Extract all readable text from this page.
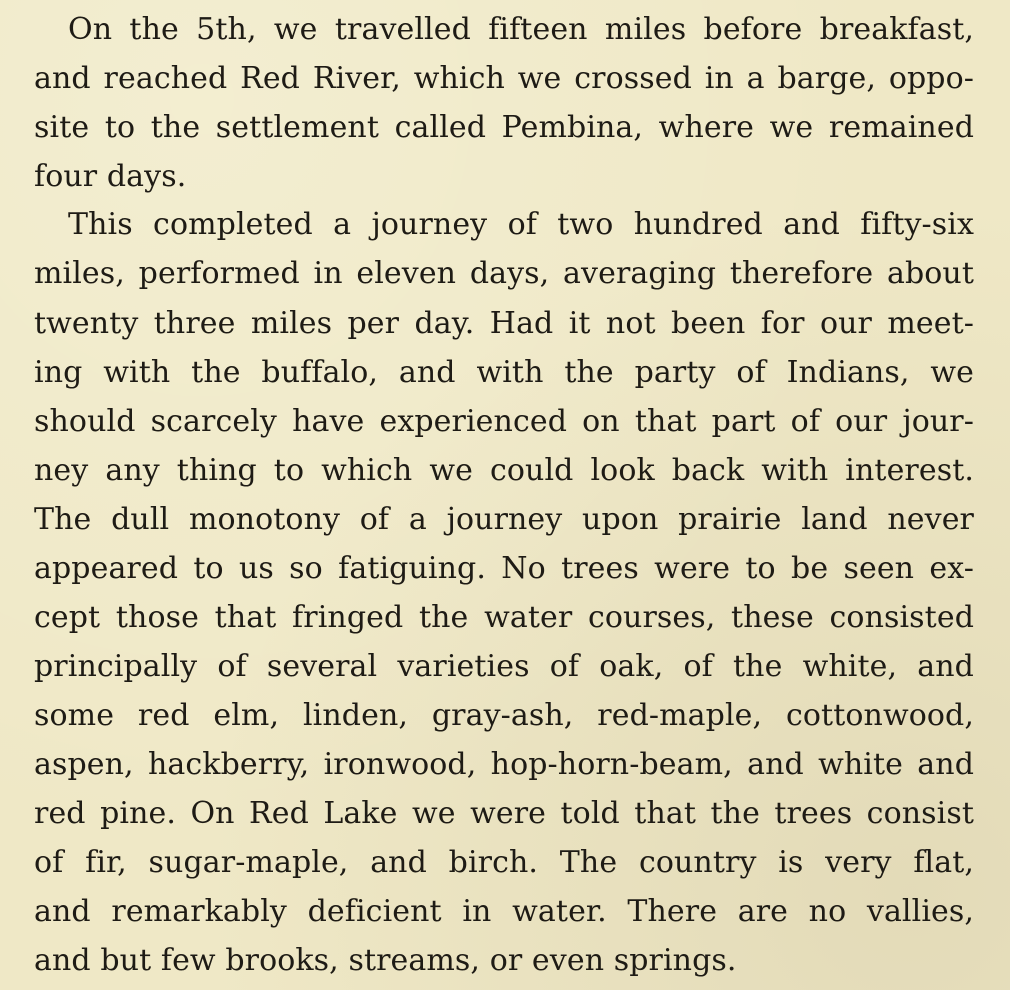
On the 5th, we travelled fifteen miles before breakfast,
and reached Red River, which we crossed in a barge, oppo-
site to the settlement called Pembina, where we remained
four days.
This completed a journey of two hundred and fifty-six
miles, performed in eleven days, averaging therefore about
twenty three miles per day. Had it not been for our meet-
ing with the buffalo, and with the party of Indians, we
should scarcely have experienced on that part of our jour-
ney any thing to which we could look back with interest.
The dull monotony of a journey upon prairie land never
appeared to us so fatiguing. No trees were to be seen ex-
cept those that fringed the water courses, these consisted
principally of several varieties of oak, of the white, and
some red elm, linden, gray-ash, red-maple, cottonwood,
aspen, hackberry, ironwood, hop-horn-beam, and white and
red pine. On Red Lake we were told that the trees consist
of fir, sugar-maple, and birch. The country is very flat,
and remarkably deficient in water. There are no vallies,
and but few brooks, streams, or even springs.
